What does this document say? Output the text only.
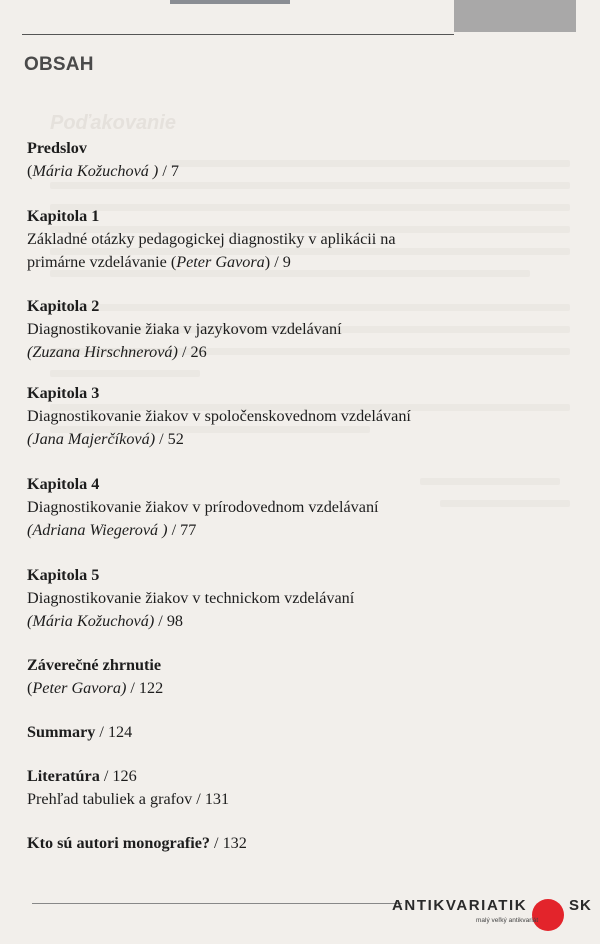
Poďakovanie
OBSAH
Predslov
(Mária Kožuchová ) / 7
Kapitola 1
Základné otázky pedagogickej diagnostiky v aplikácii na
primárne vzdelávanie (Peter Gavora) / 9
Kapitola 2
Diagnostikovanie žiaka v jazykovom vzdelávaní
(Zuzana Hirschnerová) / 26
Kapitola 3
Diagnostikovanie žiakov v spoločenskovednom vzdelávaní
(Jana Majerčíková) / 52
Kapitola 4
Diagnostikovanie žiakov v prírodovednom vzdelávaní
(Adriana Wiegerová ) / 77
Kapitola 5
Diagnostikovanie žiakov v technickom vzdelávaní
(Mária Kožuchová) / 98
Záverečné zhrnutie
(Peter Gavora) / 122
Summary / 124
Literatúra / 126
Prehľad tabuliek a grafov / 131
Kto sú autori monografie? / 132
ANTIKVARIATIK	SK
malý veľký antikvariát
